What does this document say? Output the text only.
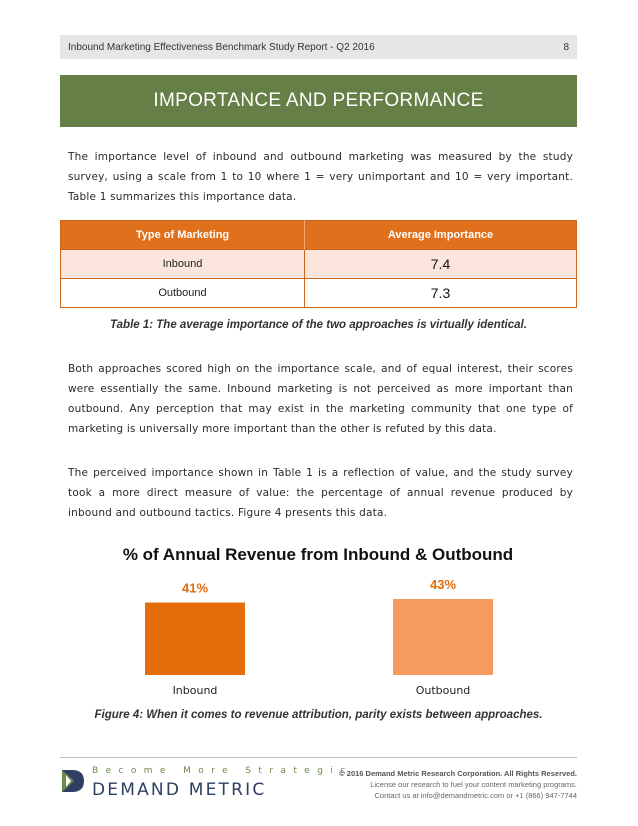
Inbound Marketing Effectiveness Benchmark Study Report - Q2 2016	8
IMPORTANCE AND PERFORMANCE

The importance level of inbound and outbound marketing was measured by the study survey, using a scale from 1 to 10 where 1 = very unimportant and 10 = very important. Table 1 summarizes this importance data.

Type of Marketing	Average Importance
Inbound	7.4
Outbound	7.3
Table 1: The average importance of the two approaches is virtually identical.

Both approaches scored high on the importance scale, and of equal interest, their scores were essentially the same. Inbound marketing is not perceived as more important than outbound. Any perception that may exist in the marketing community that one type of marketing is universally more important than the other is refuted by this data.

The perceived importance shown in Table 1 is a reflection of value, and the study survey took a more direct measure of value: the percentage of annual revenue produced by inbound and outbound tactics. Figure 4 presents this data.

% of Annual Revenue from Inbound & Outbound
41%
Inbound
43%
Outbound
Figure 4: When it comes to revenue attribution, parity exists between approaches.
Become More Strategic
DEMAND METRIC
© 2016 Demand Metric Research Corporation. All Rights Reserved.
License our research to fuel your content marketing programs.
Contact us at info@demandmetric.com or +1 (866) 947-7744
